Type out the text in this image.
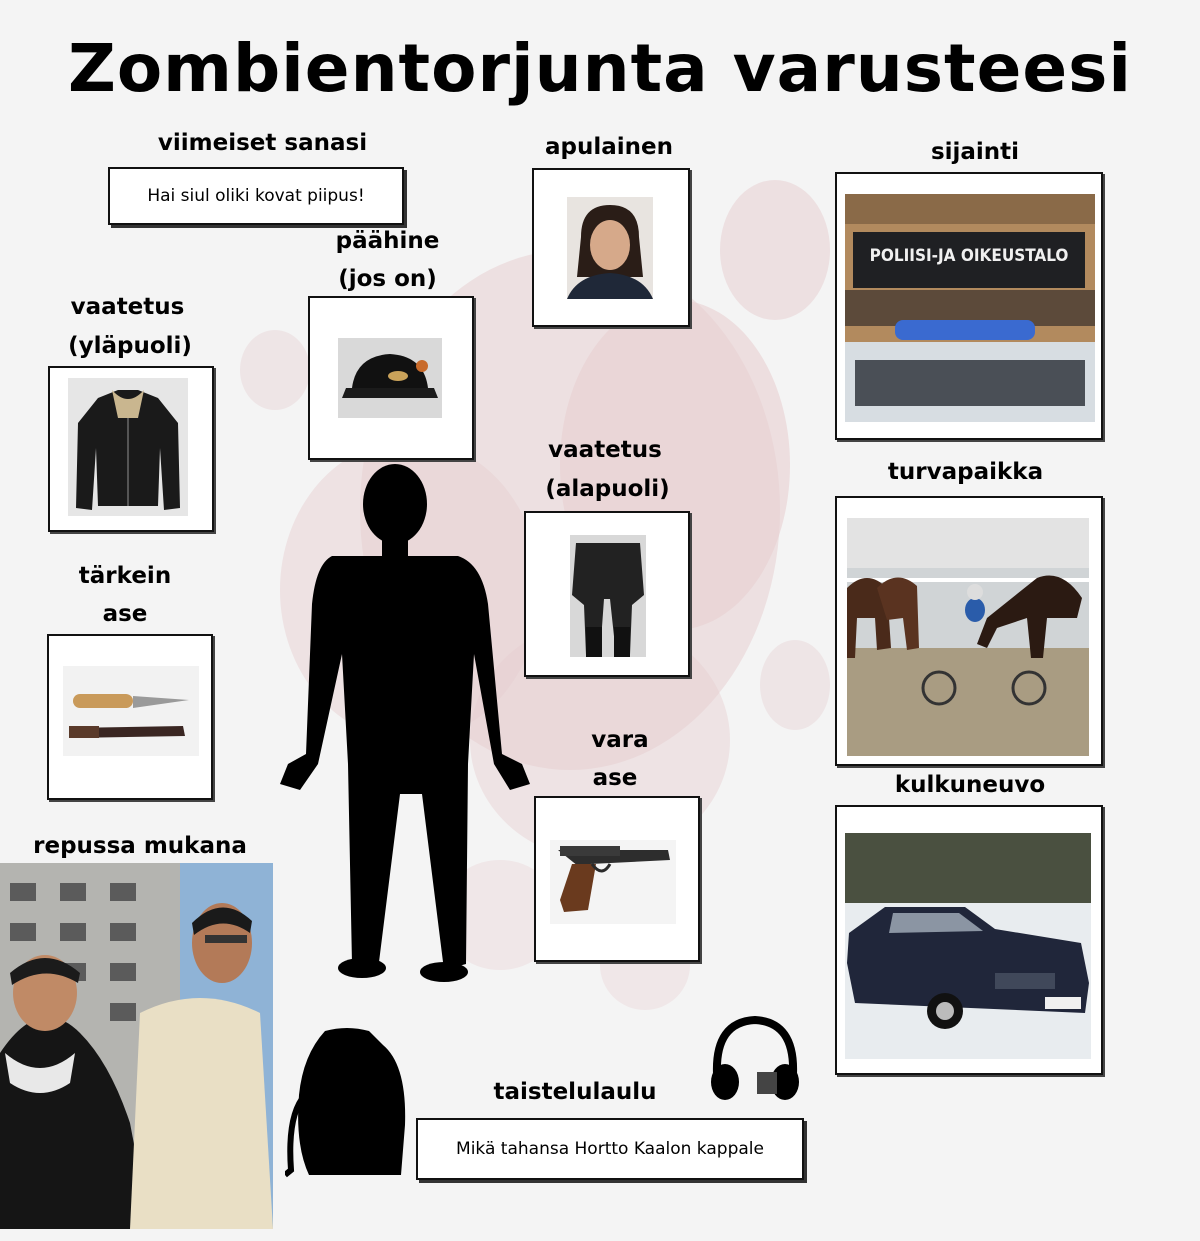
Zombientorjunta varusteesi
viimeiset sanasi
Hai siul oliki kovat piipus!
päähine
(jos on)
vaatetus
(yläpuoli)
tärkein
ase
repussa mukana
apulainen
vaatetus
(alapuoli)
vara
ase
sijainti
POLIISI-JA OIKEUSTALO
turvapaikka
kulkuneuvo
taistelulaulu
Mikä tahansa Hortto Kaalon kappale
